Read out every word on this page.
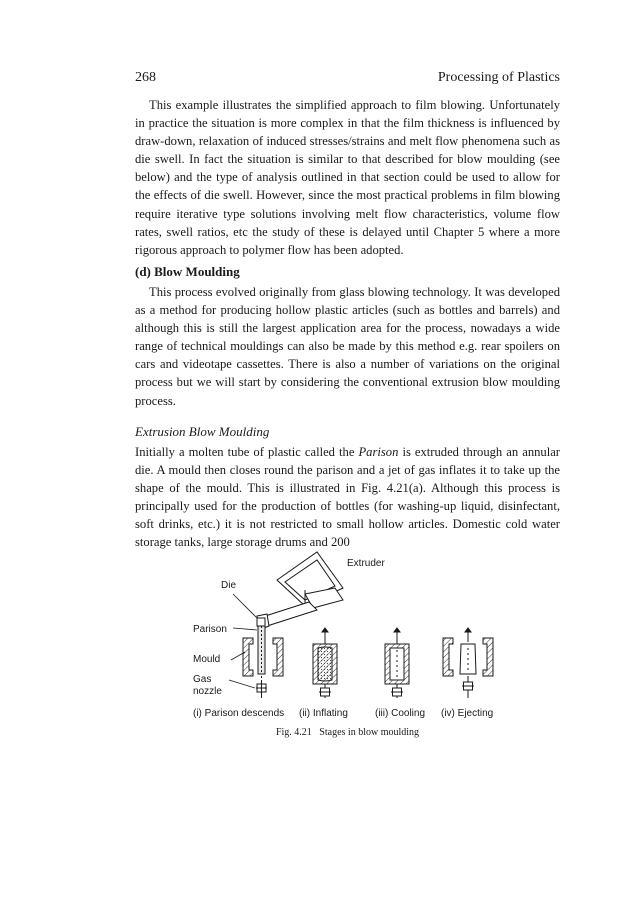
268	Processing of Plastics

This example illustrates the simplified approach to film blowing. Unfortunately in practice the situation is more complex in that the film thickness is influenced by draw-down, relaxation of induced stresses/strains and melt flow phenomena such as die swell. In fact the situation is similar to that described for blow moulding (see below) and the type of analysis outlined in that section could be used to allow for the effects of die swell. However, since the most practical problems in film blowing require iterative type solutions involving melt flow characteristics, volume flow rates, swell ratios, etc the study of these is delayed until Chapter 5 where a more rigorous approach to polymer flow has been adopted.

(d) Blow Moulding

This process evolved originally from glass blowing technology. It was developed as a method for producing hollow plastic articles (such as bottles and barrels) and although this is still the largest application area for the process, nowadays a wide range of technical mouldings can also be made by this method e.g. rear spoilers on cars and videotape cassettes. There is also a number of variations on the original process but we will start by considering the conventional extrusion blow moulding process.

Extrusion Blow Moulding

Initially a molten tube of plastic called the Parison is extruded through an annular die. A mould then closes round the parison and a jet of gas inflates it to take up the shape of the mould. This is illustrated in Fig. 4.21(a). Although this process is principally used for the production of bottles (for washing-up liquid, disinfectant, soft drinks, etc.) it is not restricted to small hollow articles. Domestic cold water storage tanks, large storage drums and 200

Extruder
Die
Parison
Mould
Gas
nozzle
(i) Parison descends (ii) Inflating	(iii) Cooling (iv) Ejecting
Fig. 4.21   Stages in blow moulding
